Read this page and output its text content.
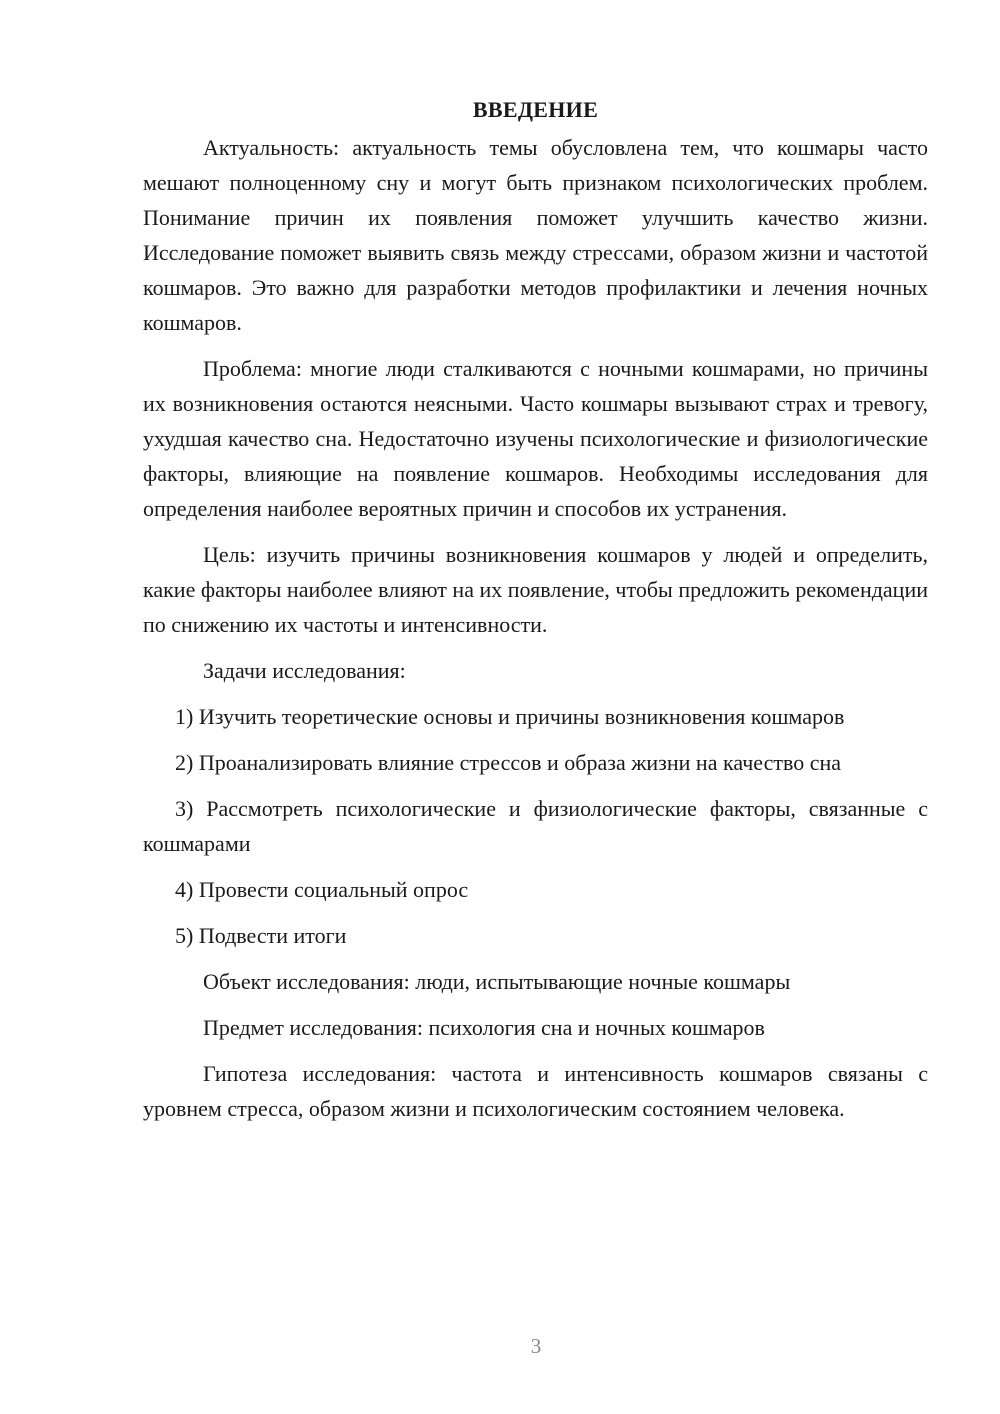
ВВЕДЕНИЕ

Актуальность: актуальность темы обусловлена тем, что кошмары часто мешают полноценному сну и могут быть признаком психологических проблем. Понимание причин их появления поможет улучшить качество жизни. Исследование поможет выявить связь между стрессами, образом жизни и частотой кошмаров. Это важно для разработки методов профилактики и лечения ночных кошмаров.

Проблема: многие люди сталкиваются с ночными кошмарами, но причины их возникновения остаются неясными. Часто кошмары вызывают страх и тревогу, ухудшая качество сна. Недостаточно изучены психологические и физиологические факторы, влияющие на появление кошмаров. Необходимы исследования для определения наиболее вероятных причин и способов их устранения.

Цель: изучить причины возникновения кошмаров у людей и определить, какие факторы наиболее влияют на их появление, чтобы предложить рекомендации по снижению их частоты и интенсивности.

Задачи исследования:

1) Изучить теоретические основы и причины возникновения кошмаров

2) Проанализировать влияние стрессов и образа жизни на качество сна

3) Рассмотреть психологические и физиологические факторы, связанные с кошмарами

4) Провести социальный опрос

5) Подвести итоги

Объект исследования: люди, испытывающие ночные кошмары

Предмет исследования: психология сна и ночных кошмаров

Гипотеза исследования: частота и интенсивность кошмаров связаны с уровнем стресса, образом жизни и психологическим состоянием человека.

3
